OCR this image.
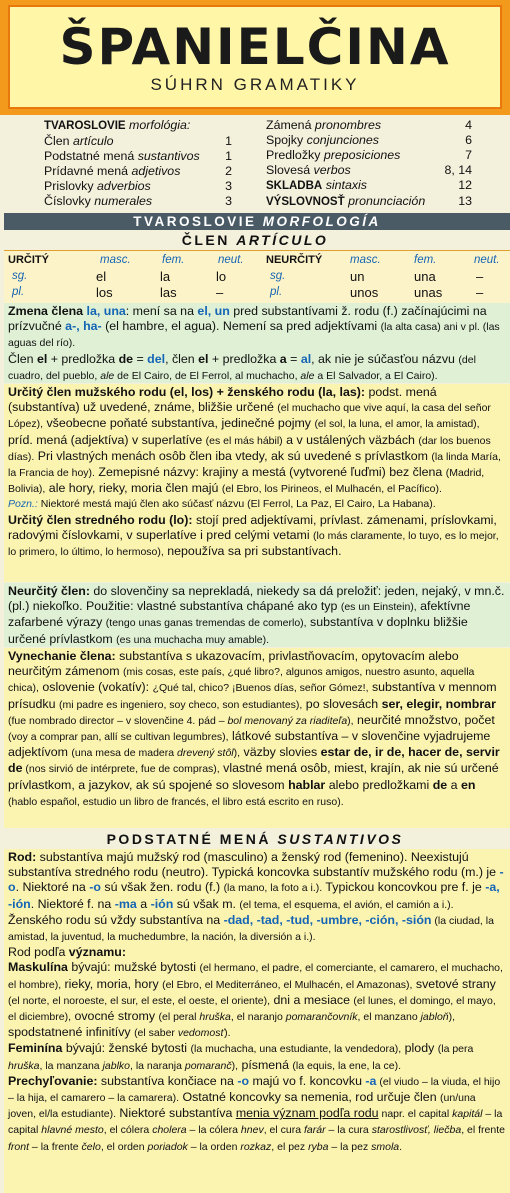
ŠPANIELČINA
SÚHRN GRAMATIKY
TVAROSLOVIE morfológia:
Člen artículo	1
Podstatné mená sustantivos 1
Prídavné mená adjetivos	2
Prislovky adverbios	3
Číslovky numerales	3
Zámená pronombres	4
Spojky conjunciones	6
Predložky preposiciones	7
Slovesá verbos	8, 14
SKLADBA sintaxis	12
VÝSLOVNOSŤ pronunciación	13
TVAROSLOVIE MORFOLOGÍA
ČLEN ARTÍCULO
URČITÝ	masc.	fem.	neut. NEURČITÝ masc.	fem.	neut.
sg.	el	la	lo	sg.	un	una	–
pl.	los	las	–	pl.	unos	unas	–

Zmena člena la, una: mení sa na el, un pred substantívami ž. rodu (f.) začínajúcimi na prízvučné a-, ha- (el hambre, el agua). Nemení sa pred adjektívami (la alta casa) ani v pl. (las aguas del río).

Člen el + predložka de = del, člen el + predložka a = al, ak nie je súčasťou názvu (del cuadro, del pueblo, ale de El Cairo, de El Ferrol, al muchacho, ale a El Salvador, a El Cairo).

Určitý člen mužského rodu (el, los) + ženského rodu (la, las): podst. mená (substantíva) už uvedené, známe, bližšie určené (el muchacho que vive aquí, la casa del señor López), všeobecne poňaté substantíva, jedinečné pojmy (el sol, la luna, el amor, la amistad), príd. mená (adjektíva) v superlatíve (es el más hábil) a v ustálených väzbách (dar los buenos días). Pri vlastných menách osôb člen iba vtedy, ak sú uvedené s prívlastkom (la linda María, la Francia de hoy). Zemepisné názvy: krajiny a mestá (vytvorené ľuďmi) bez člena (Madrid, Bolivia), ale hory, rieky, moria člen majú (el Ebro, los Pirineos, el Mulhacén, el Pacífico).

Pozn.: Niektoré mestá majú člen ako súčasť názvu (El Ferrol, La Paz, El Cairo, La Habana).

Určitý člen stredného rodu (lo): stojí pred adjektívami, prívlast. zámenami, príslovkami, radovými číslovkami, v superlatíve i pred celými vetami (lo más claramente, lo tuyo, es lo mejor, lo primero, lo último, lo hermoso), nepoužíva sa pri substantívach.

Neurčitý člen: do slovenčiny sa neprekladá, niekedy sa dá preložiť: jeden, nejaký, v mn.č. (pl.) niekoľko. Použitie: vlastné substantíva chápané ako typ (es un Einstein), afektívne zafarbené výrazy (tengo unas ganas tremendas de comerlo), substantíva v doplnku bližšie určené prívlastkom (es una muchacha muy amable).

Vynechanie člena: substantíva s ukazovacím, privlastňovacím, opytovacím alebo neurčitým zámenom (mis cosas, este país, ¿qué libro?, algunos amigos, nuestro asunto, aquella chica), oslovenie (vokatív): ¿Qué tal, chico? ¡Buenos días, señor Gómez!, substantíva v mennom prísudku (mi padre es ingeniero, soy checo, son estudiantes), po slovesách ser, elegir, nombrar (fue nombrado director – v slovenčine 4. pád – bol menovaný za riaditeľa), neurčité množstvo, počet (voy a comprar pan, allí se cultivan legumbres), látkové substantíva – v slovenčine vyjadrujeme adjektívom (una mesa de madera drevený stôl), väzby slovies estar de, ir de, hacer de, servir de (nos sirvió de intérprete, fue de compras), vlastné mená osôb, miest, krajín, ak nie sú určené prívlastkom, a jazykov, ak sú spojené so slovesom hablar alebo predložkami de a en (hablo español, estudio un libro de francés, el libro está escrito en ruso).

PODSTATNÉ MENÁ SUSTANTIVOS

Rod: substantíva majú mužský rod (masculino) a ženský rod (femenino). Neexistujú substantíva stredného rodu (neutro). Typická koncovka substantív mužského rodu (m.) je -o. Niektoré na -o sú však žen. rodu (f.) (la mano, la foto a i.). Typickou koncovkou pre f. je -a, -ión. Niektoré f. na -ma a -ión sú však m. (el tema, el esquema, el avión, el camión a i.). Ženského rodu sú vždy substantíva na -dad, -tad, -tud, -umbre, -ción, -sión (la ciudad, la amistad, la juventud, la muchedumbre, la nación, la diversión a i.).

Rod podľa významu:

Maskulína bývajú: mužské bytosti (el hermano, el padre, el comerciante, el camarero, el muchacho, el hombre), rieky, moria, hory (el Ebro, el Mediterráneo, el Mulhacén, el Amazonas), svetové strany (el norte, el noroeste, el sur, el este, el oeste, el oriente), dni a mesiace (el lunes, el domingo, el mayo, el diciembre), ovocné stromy (el peral hruška, el naranjo pomarančovník, el manzano jabloň), spodstatnené infinitívy (el saber vedomosť).

Feminína bývajú: ženské bytosti (la muchacha, una estudiante, la vendedora), plody (la pera hruška, la manzana jablko, la naranja pomaranč), písmená (la equis, la ene, la ce).

Prechyľovanie: substantíva končiace na -o majú vo f. koncovku -a (el viudo – la viuda, el hijo – la hija, el camarero – la camarera). Ostatné koncovky sa nemenia, rod určuje člen (un/una joven, el/la estudiante). Niektoré substantíva menia význam podľa rodu napr. el capital kapitál – la capital hlavné mesto, el cólera cholera – la cólera hnev, el cura farár – la cura starostlivosť, liečba, el frente front – la frente čelo, el orden poriadok – la orden rozkaz, el pez ryba – la pez smola.
